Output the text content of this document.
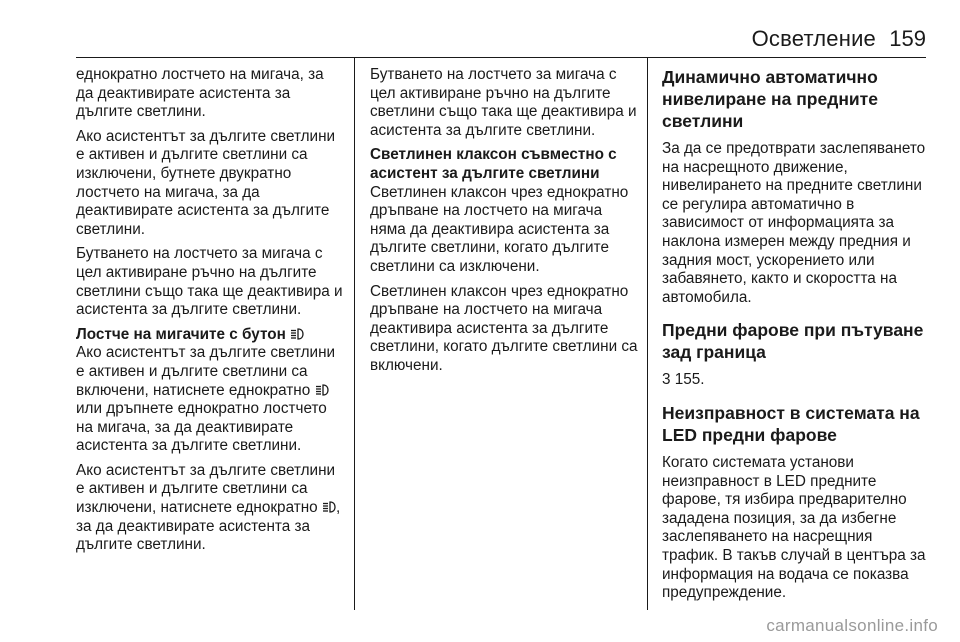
Осветление 159

еднократно лостчето на мигача, за да деактивирате асистента за дългите светлини.

Ако асистентът за дългите светлини е активен и дългите светлини са изключени, бутнете двукратно лостчето на мигача, за да деактивирате асистента за дългите светлини.

Бутването на лостчето за мигача с цел активиране ръчно на дългите светлини също така ще деактивира и асистента за дългите светлини.

Лостче на мигачите с бутон

Ако асистентът за дългите светлини е активен и дългите светлини са включени, натиснете еднократно  или дръпнете еднократно лостчето на мигача, за да деактивирате асистента за дългите светлини.

Ако асистентът за дългите светлини е активен и дългите светлини са изключени, натиснете еднократно , за да деактивирате асистента за дългите светлини.

Бутването на лостчето за мигача с цел активиране ръчно на дългите светлини също така ще деактивира и асистента за дългите светлини.

Светлинен клаксон съвместно с асистент за дългите светлини

Светлинен клаксон чрез еднократно дръпване на лостчето на мигача няма да деактивира асистента за дългите светлини, когато дългите светлини са изключени.

Светлинен клаксон чрез еднократно дръпване на лостчето на мигача деактивира асистента за дългите светлини, когато дългите светлини са включени.

Динамично автоматично нивелиране на предните светлини

За да се предотврати заслепяването на насрещното движение, нивелирането на предните светлини се регулира автоматично в зависимост от информацията за наклона измерен между предния и задния мост, ускорението или забавянето, както и скоростта на автомобила.

Предни фарове при пътуване зад граница

3 155.

Неизправност в системата на LED предни фарове

Когато системата установи неизправност в LED предните фарове, тя избира предварително зададена позиция, за да избегне заслепяването на насрещния трафик. В такъв случай в центъра за информация на водача се показва предупреждение.

carmanualsonline.info
